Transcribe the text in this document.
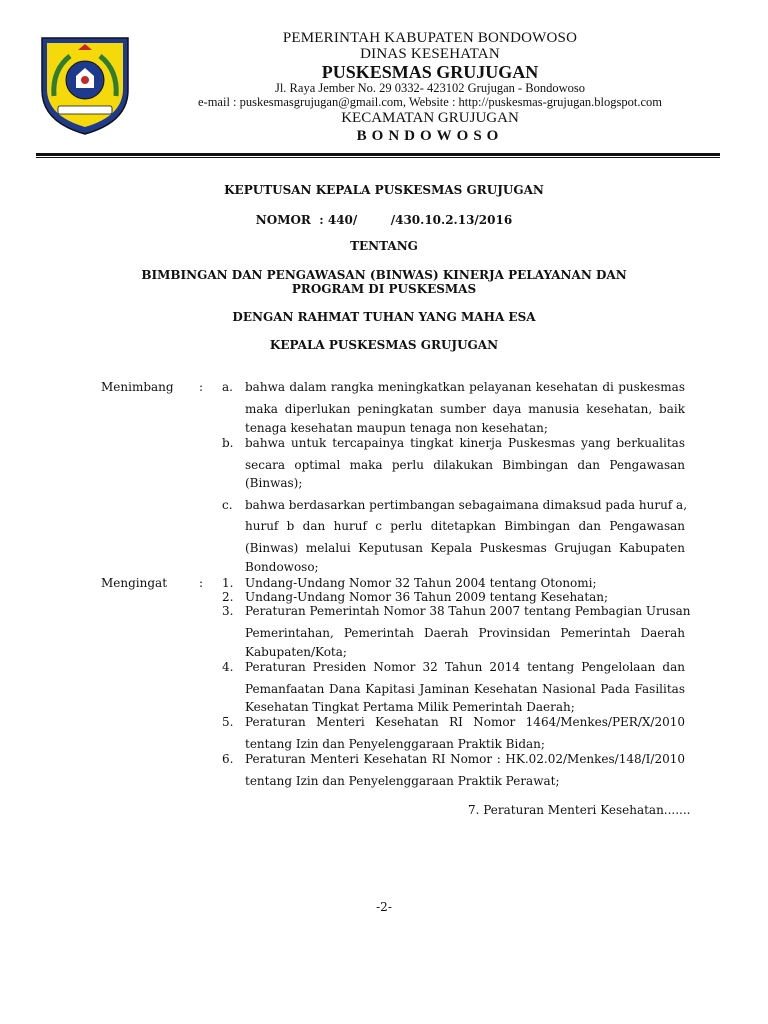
PEMERINTAH KABUPATEN BONDOWOSO
DINAS KESEHATAN
PUSKESMAS GRUJUGAN
Jl. Raya Jember No. 29 0332- 423102 Grujugan - Bondowoso
e-mail : puskesmasgrujugan@gmail.com, Website : http://puskesmas-grujugan.blogspot.com
KECAMATAN GRUJUGAN
BONDOWOSO
KEPUTUSAN KEPALA PUSKESMAS GRUJUGAN
NOMOR  : 440/        /430.10.2.13/2016
TENTANG
BIMBINGAN DAN PENGAWASAN (BINWAS) KINERJA PELAYANAN DAN
PROGRAM DI PUSKESMAS
DENGAN RAHMAT TUHAN YANG MAHA ESA
KEPALA PUSKESMAS GRUJUGAN
Menimbang : a. bahwa dalam rangka meningkatkan pelayanan kesehatan di puskesmas
maka diperlukan peningkatan sumber daya manusia kesehatan, baik
tenaga kesehatan maupun tenaga non kesehatan;
b. bahwa untuk tercapainya tingkat kinerja Puskesmas yang berkualitas
secara optimal maka perlu dilakukan Bimbingan dan Pengawasan
(Binwas);
c. bahwa berdasarkan pertimbangan sebagaimana dimaksud pada huruf a,
huruf b dan huruf c perlu ditetapkan Bimbingan dan Pengawasan
(Binwas) melalui Keputusan Kepala Puskesmas Grujugan Kabupaten
Bondowoso;
Mengingat	: 1. Undang-Undang Nomor 32 Tahun 2004 tentang Otonomi;
2. Undang-Undang Nomor 36 Tahun 2009 tentang Kesehatan;
3. Peraturan Pemerintah Nomor 38 Tahun 2007 tentang Pembagian Urusan
Pemerintahan, Pemerintah Daerah Provinsidan Pemerintah Daerah
Kabupaten/Kota;
4. Peraturan Presiden Nomor 32 Tahun 2014 tentang Pengelolaan dan
Pemanfaatan Dana Kapitasi Jaminan Kesehatan Nasional Pada Fasilitas
Kesehatan Tingkat Pertama Milik Pemerintah Daerah;
5. Peraturan Menteri Kesehatan RI Nomor 1464/Menkes/PER/X/2010
tentang Izin dan Penyelenggaraan Praktik Bidan;
6. Peraturan Menteri Kesehatan RI Nomor : HK.02.02/Menkes/148/I/2010
tentang Izin dan Penyelenggaraan Praktik Perawat;
7. Peraturan Menteri Kesehatan.......
-2-
